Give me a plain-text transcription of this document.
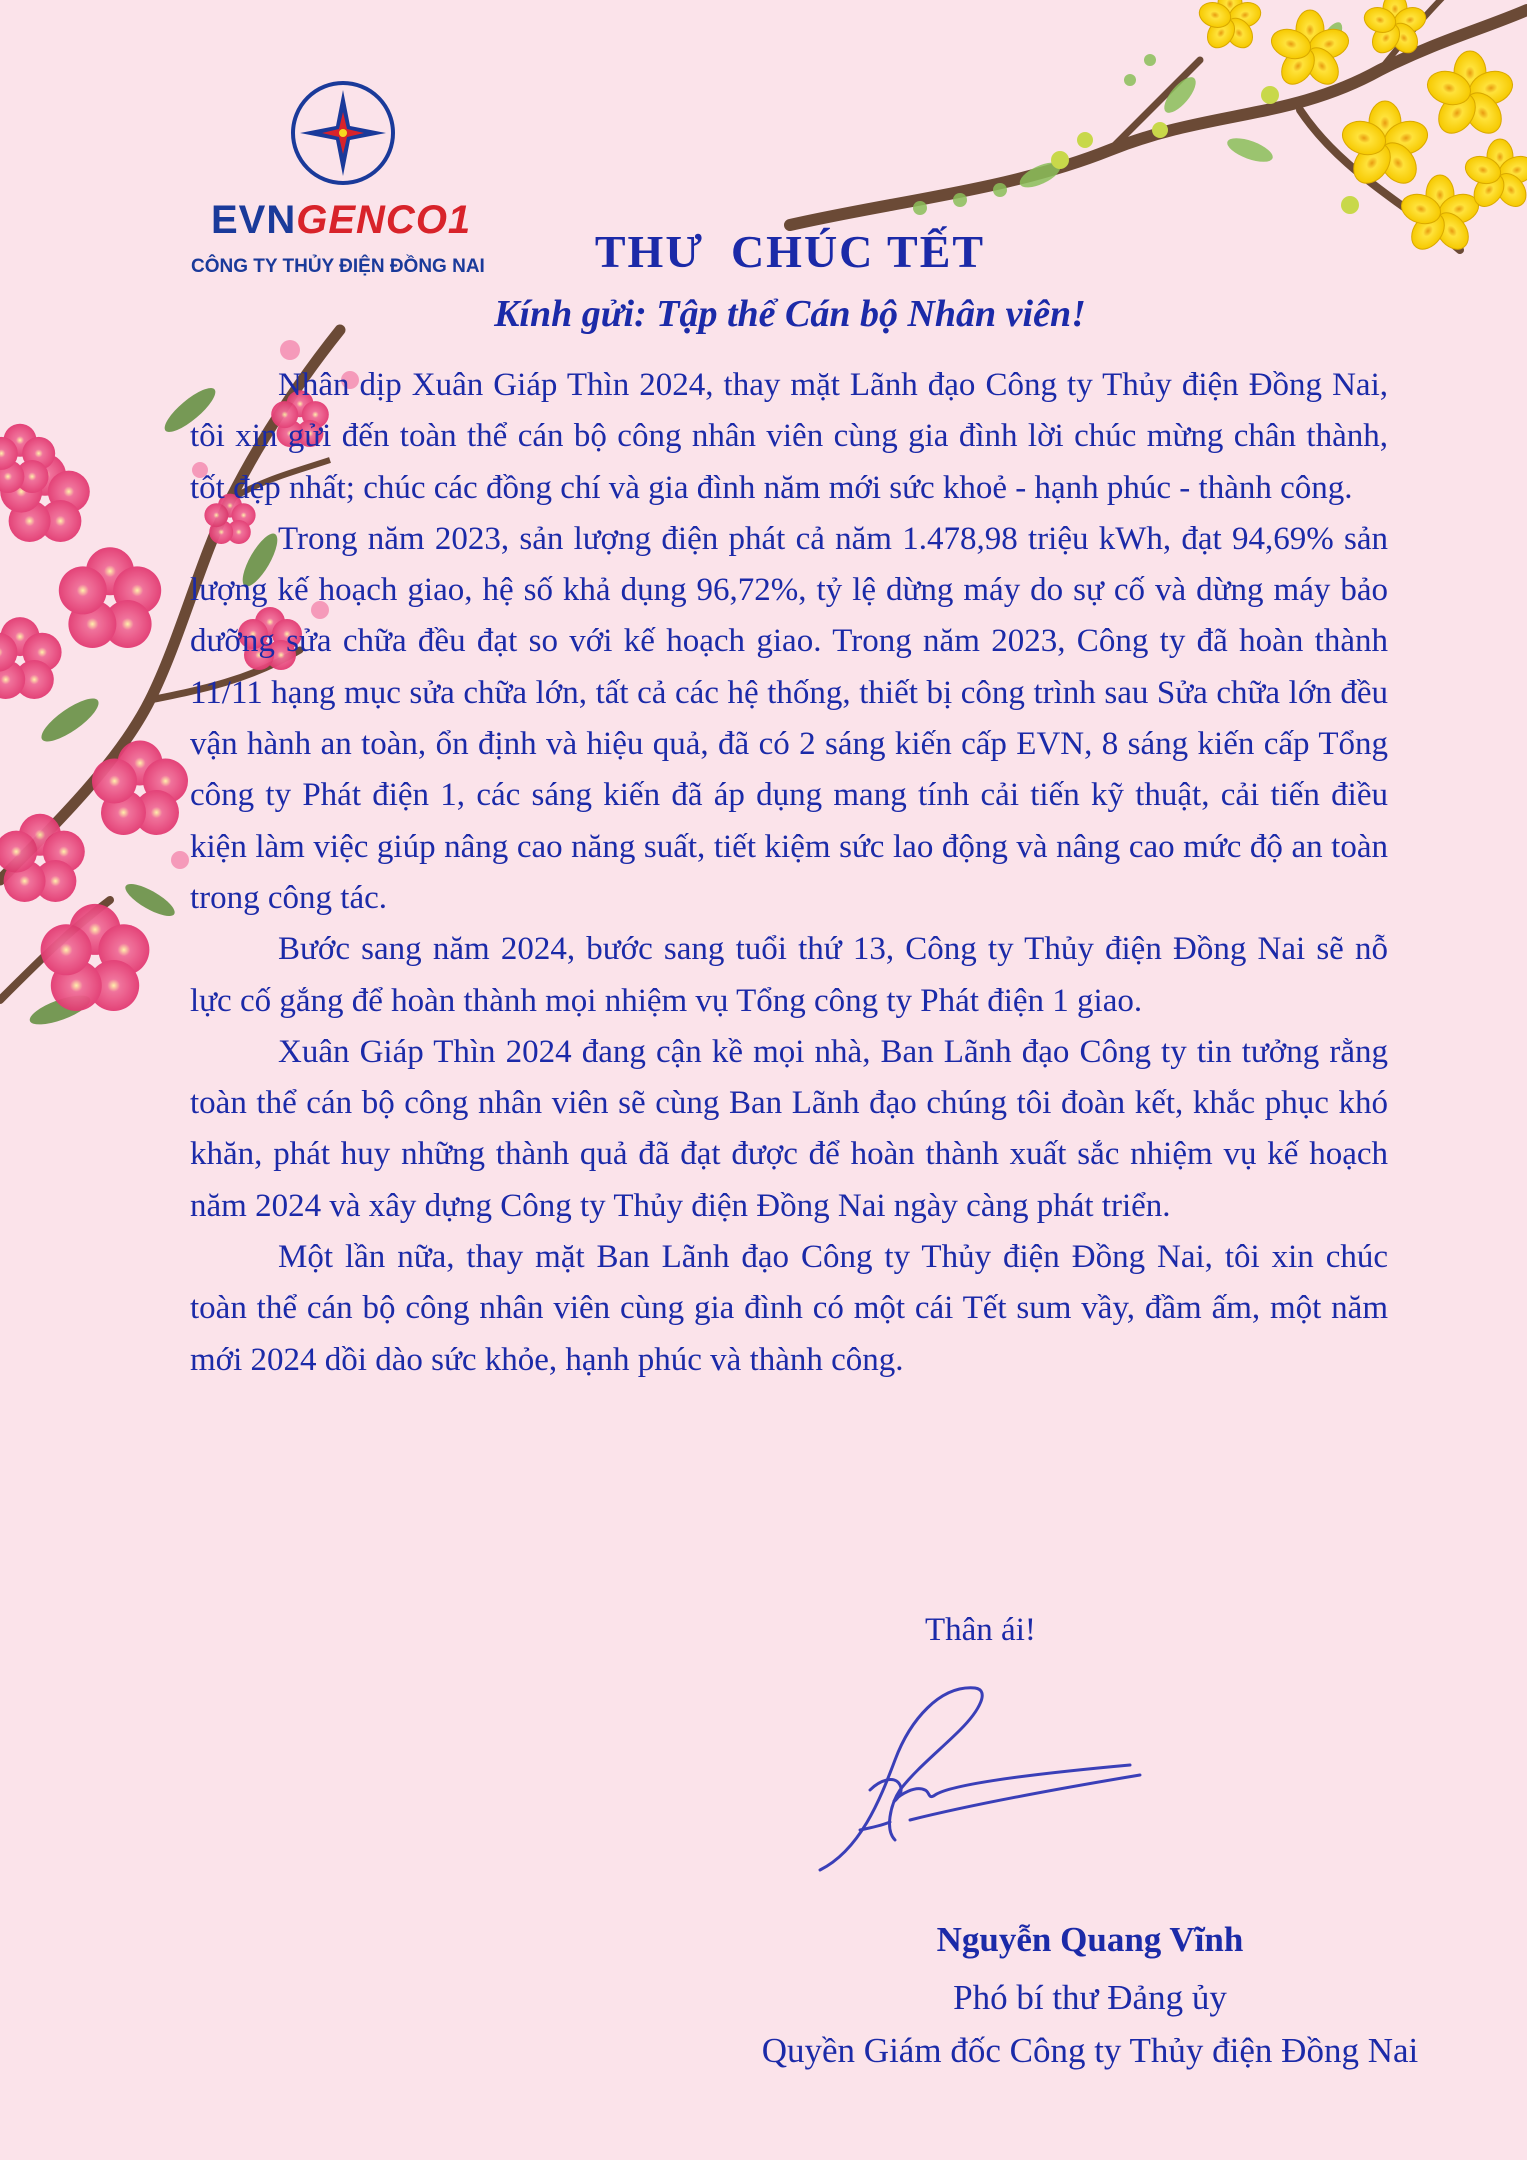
EVNGENCO1
CÔNG TY THỦY ĐIỆN ĐỒNG NAI	THƯ  CHÚC TẾT
Kính gửi: Tập thể Cán bộ Nhân viên!

Nhân dịp Xuân Giáp Thìn 2024, thay mặt Lãnh đạo Công ty Thủy điện Đồng Nai, tôi xin gửi đến toàn thể cán bộ công nhân viên cùng gia đình lời chúc mừng chân thành, tốt đẹp nhất; chúc các đồng chí và gia đình năm mới sức khoẻ - hạnh phúc - thành công.

Trong năm 2023, sản lượng điện phát cả năm 1.478,98 triệu kWh, đạt 94,69% sản lượng kế hoạch giao, hệ số khả dụng 96,72%, tỷ lệ dừng máy do sự cố và dừng máy bảo dưỡng sửa chữa đều đạt so với kế hoạch giao. Trong năm 2023, Công ty đã hoàn thành 11/11 hạng mục sửa chữa lớn, tất cả các hệ thống, thiết bị công trình sau Sửa chữa lớn đều vận hành an toàn, ổn định và hiệu quả, đã có 2 sáng kiến cấp EVN, 8 sáng kiến cấp Tổng công ty Phát điện 1, các sáng kiến đã áp dụng mang tính cải tiến kỹ thuật, cải tiến điều kiện làm việc giúp nâng cao năng suất, tiết kiệm sức lao động và nâng cao mức độ an toàn trong công tác.

Bước sang năm 2024, bước sang tuổi thứ 13, Công ty Thủy điện Đồng Nai sẽ nỗ lực cố gắng để hoàn thành mọi nhiệm vụ Tổng công ty Phát điện 1 giao.

Xuân Giáp Thìn 2024 đang cận kề mọi nhà, Ban Lãnh đạo Công ty tin tưởng rằng toàn thể cán bộ công nhân viên sẽ cùng Ban Lãnh đạo chúng tôi đoàn kết, khắc phục khó khăn, phát huy những thành quả đã đạt được để hoàn thành xuất sắc nhiệm vụ kế hoạch năm 2024 và xây dựng Công ty Thủy điện Đồng Nai ngày càng phát triển.

Một lần nữa, thay mặt Ban Lãnh đạo Công ty Thủy điện Đồng Nai, tôi xin chúc toàn thể cán bộ công nhân viên cùng gia đình có một cái Tết sum vầy, đầm ấm, một năm mới 2024 dồi dào sức khỏe, hạnh phúc và thành công.

Thân ái!
Nguyễn Quang Vĩnh
Phó bí thư Đảng ủy
Quyền Giám đốc Công ty Thủy điện Đồng Nai
